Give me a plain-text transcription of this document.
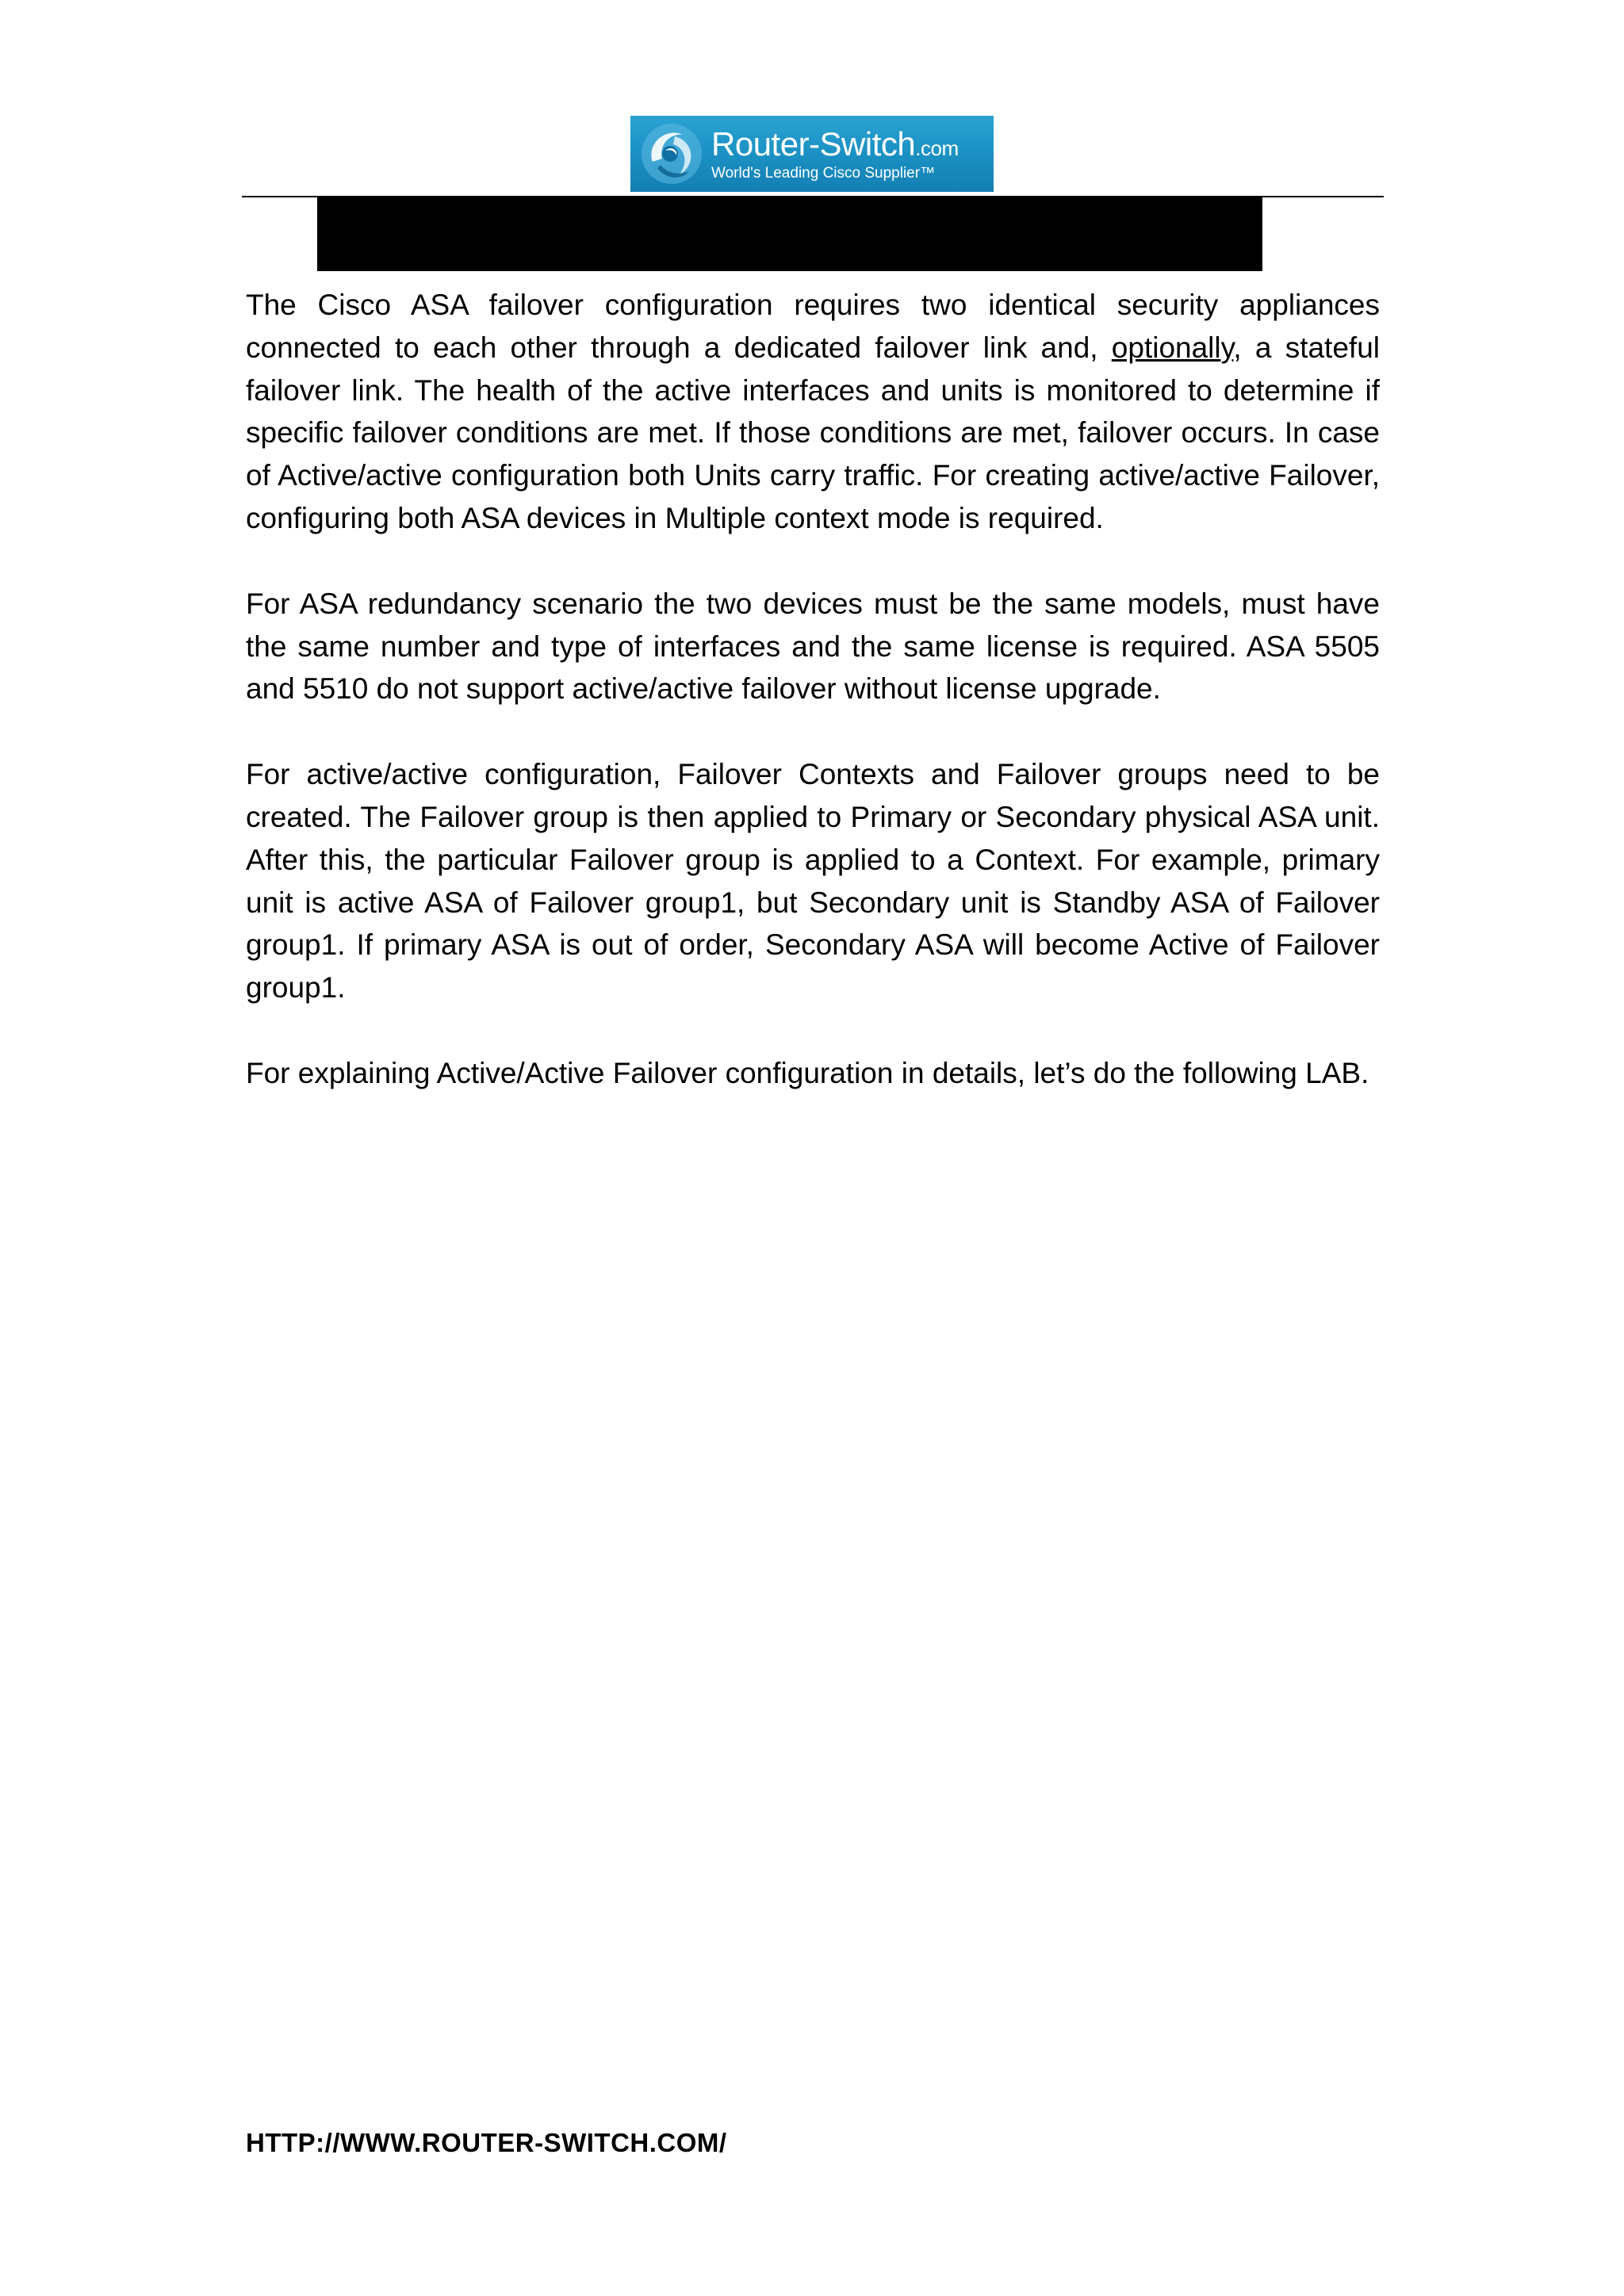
Router-Switch.com
World's Leading Cisco Supplier™

The Cisco ASA failover configuration requires two identical security appliances connected to each other through a dedicated failover link and, optionally, a stateful failover link. The health of the active interfaces and units is monitored to determine if specific failover conditions are met. If those conditions are met, failover occurs. In case of Active/active configuration both Units carry traffic. For creating active/active Failover, configuring both ASA devices in Multiple context mode is required.

For ASA redundancy scenario the two devices must be the same models, must have the same number and type of interfaces and the same license is required. ASA 5505 and 5510 do not support active/active failover without license upgrade.

For active/active configuration, Failover Contexts and Failover groups need to be created. The Failover group is then applied to Primary or Secondary physical ASA unit. After this, the particular Failover group is applied to a Context. For example, primary unit is active ASA of Failover group1, but Secondary unit is Standby ASA of Failover group1. If primary ASA is out of order, Secondary ASA will become Active of Failover group1.

For explaining Active/Active Failover configuration in details, let’s do the following LAB.

HTTP://WWW.ROUTER-SWITCH.COM/
